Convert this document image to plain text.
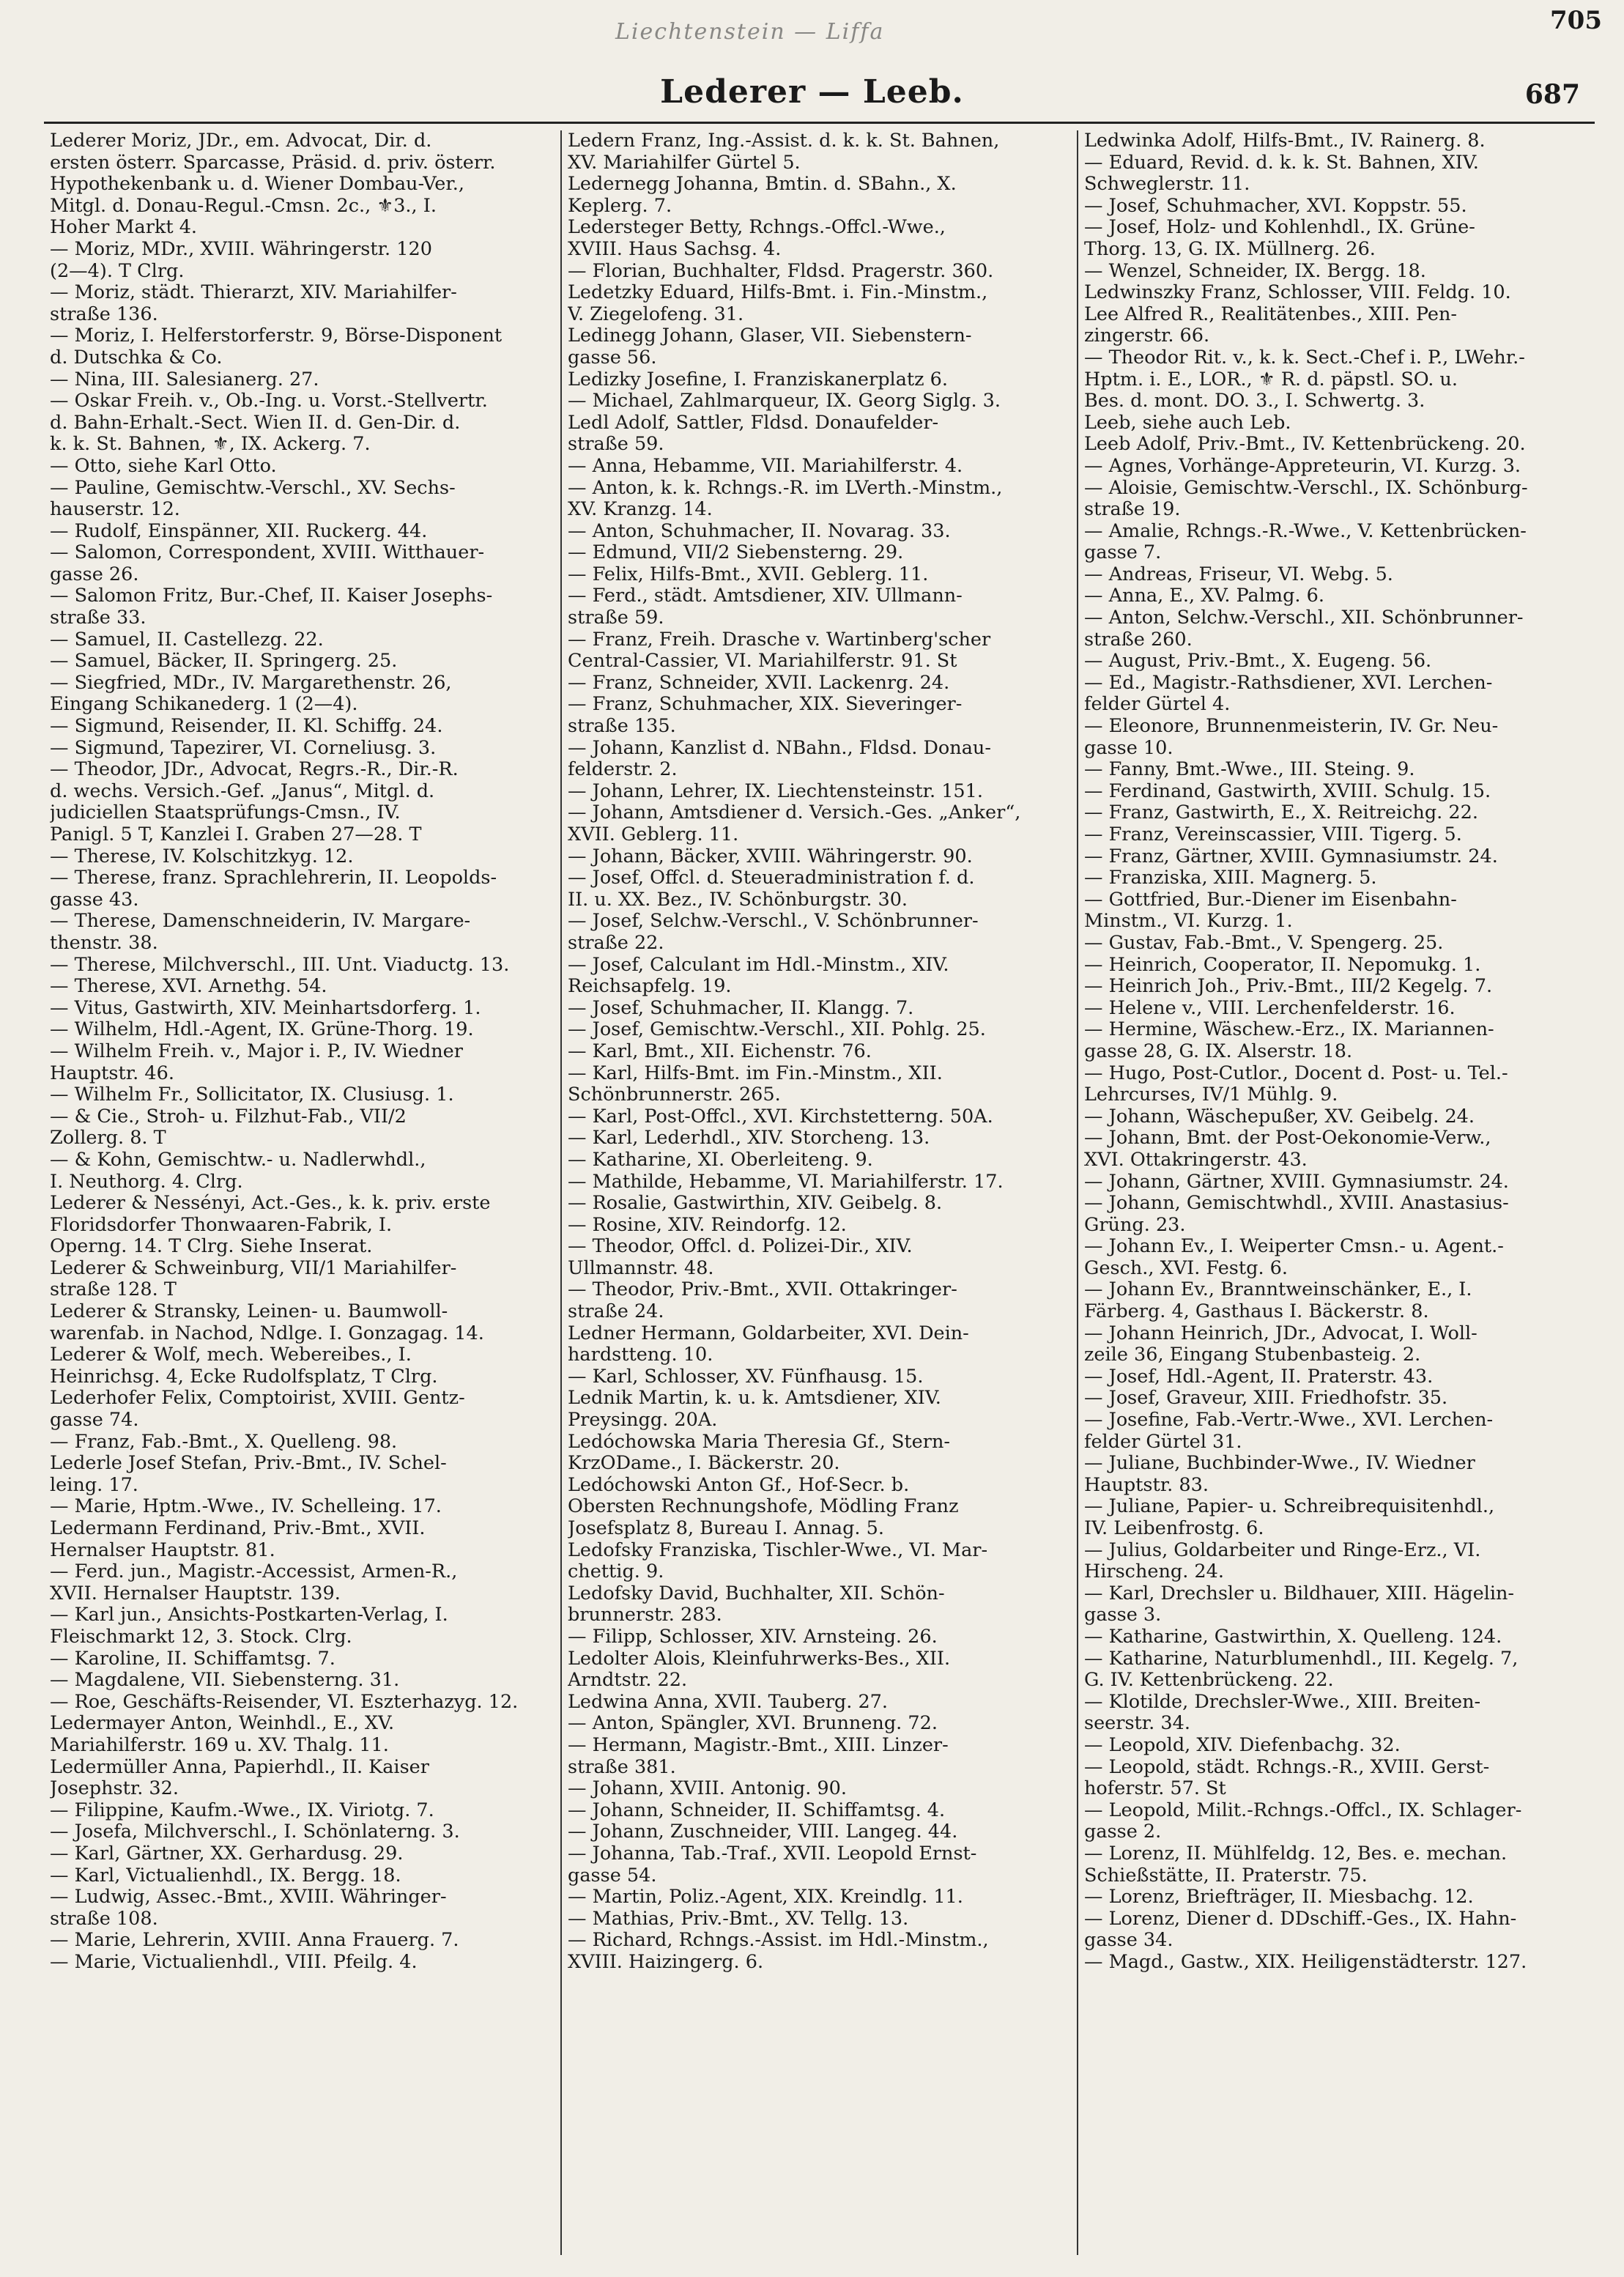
Liechtenstein — Liffa	705
Lederer — Leeb.	687
Lederer Moriz, JDr., em. Advocat, Dir. d.
ersten österr. Sparcasse, Präsid. d. priv. österr.
Hypothekenbank u. d. Wiener Dombau-Ver.,
Mitgl. d. Donau-Regul.-Cmsn. 2c., ⚜3., I.
Hoher Markt 4.
— Moriz, MDr., XVIII. Währingerstr. 120
(2—4). T Clrg.
— Moriz, städt. Thierarzt, XIV. Mariahilfer-
straße 136.
— Moriz, I. Helferstorferstr. 9, Börse-Disponent
d. Dutschka & Co.
— Nina, III. Salesianerg. 27.
— Oskar Freih. v., Ob.-Ing. u. Vorst.-Stellvertr.
d. Bahn-Erhalt.-Sect. Wien II. d. Gen-Dir. d.
k. k. St. Bahnen, ⚜, IX. Ackerg. 7.
— Otto, siehe Karl Otto.
— Pauline, Gemischtw.-Verschl., XV. Sechs-
hauserstr. 12.
— Rudolf, Einspänner, XII. Ruckerg. 44.
— Salomon, Correspondent, XVIII. Witthauer-
gasse 26.
— Salomon Fritz, Bur.-Chef, II. Kaiser Josephs-
straße 33.
— Samuel, II. Castellezg. 22.
— Samuel, Bäcker, II. Springerg. 25.
— Siegfried, MDr., IV. Margarethenstr. 26,
Eingang Schikanederg. 1 (2—4).
— Sigmund, Reisender, II. Kl. Schiffg. 24.
— Sigmund, Tapezirer, VI. Corneliusg. 3.
— Theodor, JDr., Advocat, Regrs.-R., Dir.-R.
d. wechs. Versich.-Gef. „Janus“, Mitgl. d.
judiciellen Staatsprüfungs-Cmsn., IV.
Panigl. 5 T, Kanzlei I. Graben 27—28. T
— Therese, IV. Kolschitzkyg. 12.
— Therese, franz. Sprachlehrerin, II. Leopolds-
gasse 43.
— Therese, Damenschneiderin, IV. Margare-
thenstr. 38.
— Therese, Milchverschl., III. Unt. Viaductg. 13.
— Therese, XVI. Arnethg. 54.
— Vitus, Gastwirth, XIV. Meinhartsdorferg. 1.
— Wilhelm, Hdl.-Agent, IX. Grüne-Thorg. 19.
— Wilhelm Freih. v., Major i. P., IV. Wiedner
Hauptstr. 46.
— Wilhelm Fr., Sollicitator, IX. Clusiusg. 1.
— & Cie., Stroh- u. Filzhut-Fab., VII/2
Zollerg. 8. T
— & Kohn, Gemischtw.- u. Nadlerwhdl.,
I. Neuthorg. 4. Clrg.
Lederer & Nessényi, Act.-Ges., k. k. priv. erste
Floridsdorfer Thonwaaren-Fabrik, I.
Operng. 14. T Clrg. Siehe Inserat.
Lederer & Schweinburg, VII/1 Mariahilfer-
straße 128. T
Lederer & Stransky, Leinen- u. Baumwoll-
warenfab. in Nachod, Ndlge. I. Gonzagag. 14.
Lederer & Wolf, mech. Webereibes., I.
Heinrichsg. 4, Ecke Rudolfsplatz, T Clrg.
Lederhofer Felix, Comptoirist, XVIII. Gentz-
gasse 74.
— Franz, Fab.-Bmt., X. Quelleng. 98.
Lederle Josef Stefan, Priv.-Bmt., IV. Schel-
leing. 17.
— Marie, Hptm.-Wwe., IV. Schelleing. 17.
Ledermann Ferdinand, Priv.-Bmt., XVII.
Hernalser Hauptstr. 81.
— Ferd. jun., Magistr.-Accessist, Armen-R.,
XVII. Hernalser Hauptstr. 139.
— Karl jun., Ansichts-Postkarten-Verlag, I.
Fleischmarkt 12, 3. Stock. Clrg.
— Karoline, II. Schiffamtsg. 7.
— Magdalene, VII. Siebensterng. 31.
— Roe, Geschäfts-Reisender, VI. Eszterhazyg. 12.
Ledermayer Anton, Weinhdl., E., XV.
Mariahilferstr. 169 u. XV. Thalg. 11.
Ledermüller Anna, Papierhdl., II. Kaiser
Josephstr. 32.
— Filippine, Kaufm.-Wwe., IX. Viriotg. 7.
— Josefa, Milchverschl., I. Schönlaterng. 3.
— Karl, Gärtner, XX. Gerhardusg. 29.
— Karl, Victualienhdl., IX. Bergg. 18.
— Ludwig, Assec.-Bmt., XVIII. Währinger-
straße 108.
— Marie, Lehrerin, XVIII. Anna Frauerg. 7.
— Marie, Victualienhdl., VIII. Pfeilg. 4.
Ledern Franz, Ing.-Assist. d. k. k. St. Bahnen,
XV. Mariahilfer Gürtel 5.
Ledernegg Johanna, Bmtin. d. SBahn., X.
Keplerg. 7.
Ledersteger Betty, Rchngs.-Offcl.-Wwe.,
XVIII. Haus Sachsg. 4.
— Florian, Buchhalter, Fldsd. Pragerstr. 360.
Ledetzky Eduard, Hilfs-Bmt. i. Fin.-Minstm.,
V. Ziegelofeng. 31.
Ledinegg Johann, Glaser, VII. Siebenstern-
gasse 56.
Ledizky Josefine, I. Franziskanerplatz 6.
— Michael, Zahlmarqueur, IX. Georg Siglg. 3.
Ledl Adolf, Sattler, Fldsd. Donaufelder-
straße 59.
— Anna, Hebamme, VII. Mariahilferstr. 4.
— Anton, k. k. Rchngs.-R. im LVerth.-Minstm.,
XV. Kranzg. 14.
— Anton, Schuhmacher, II. Novarag. 33.
— Edmund, VII/2 Siebensterng. 29.
— Felix, Hilfs-Bmt., XVII. Geblerg. 11.
— Ferd., städt. Amtsdiener, XIV. Ullmann-
straße 59.
— Franz, Freih. Drasche v. Wartinberg'scher
Central-Cassier, VI. Mariahilferstr. 91. St
— Franz, Schneider, XVII. Lackenrg. 24.
— Franz, Schuhmacher, XIX. Sieveringer-
straße 135.
— Johann, Kanzlist d. NBahn., Fldsd. Donau-
felderstr. 2.
— Johann, Lehrer, IX. Liechtensteinstr. 151.
— Johann, Amtsdiener d. Versich.-Ges. „Anker“,
XVII. Geblerg. 11.
— Johann, Bäcker, XVIII. Währingerstr. 90.
— Josef, Offcl. d. Steueradministration f. d.
II. u. XX. Bez., IV. Schönburgstr. 30.
— Josef, Selchw.-Verschl., V. Schönbrunner-
straße 22.
— Josef, Calculant im Hdl.-Minstm., XIV.
Reichsapfelg. 19.
— Josef, Schuhmacher, II. Klangg. 7.
— Josef, Gemischtw.-Verschl., XII. Pohlg. 25.
— Karl, Bmt., XII. Eichenstr. 76.
— Karl, Hilfs-Bmt. im Fin.-Minstm., XII.
Schönbrunnerstr. 265.
— Karl, Post-Offcl., XVI. Kirchstetterng. 50A.
— Karl, Lederhdl., XIV. Storcheng. 13.
— Katharine, XI. Oberleiteng. 9.
— Mathilde, Hebamme, VI. Mariahilferstr. 17.
— Rosalie, Gastwirthin, XIV. Geibelg. 8.
— Rosine, XIV. Reindorfg. 12.
— Theodor, Offcl. d. Polizei-Dir., XIV.
Ullmannstr. 48.
— Theodor, Priv.-Bmt., XVII. Ottakringer-
straße 24.
Ledner Hermann, Goldarbeiter, XVI. Dein-
hardstteng. 10.
— Karl, Schlosser, XV. Fünfhausg. 15.
Lednik Martin, k. u. k. Amtsdiener, XIV.
Preysingg. 20A.
Ledóchowska Maria Theresia Gf., Stern-
KrzODame., I. Bäckerstr. 20.
Ledóchowski Anton Gf., Hof-Secr. b.
Obersten Rechnungshofe, Mödling Franz
Josefsplatz 8, Bureau I. Annag. 5.
Ledofsky Franziska, Tischler-Wwe., VI. Mar-
chettig. 9.
Ledofsky David, Buchhalter, XII. Schön-
brunnerstr. 283.
— Filipp, Schlosser, XIV. Arnsteing. 26.
Ledolter Alois, Kleinfuhrwerks-Bes., XII.
Arndtstr. 22.
Ledwina Anna, XVII. Tauberg. 27.
— Anton, Spängler, XVI. Brunneng. 72.
— Hermann, Magistr.-Bmt., XIII. Linzer-
straße 381.
— Johann, XVIII. Antonig. 90.
— Johann, Schneider, II. Schiffamtsg. 4.
— Johann, Zuschneider, VIII. Langeg. 44.
— Johanna, Tab.-Traf., XVII. Leopold Ernst-
gasse 54.
— Martin, Poliz.-Agent, XIX. Kreindlg. 11.
— Mathias, Priv.-Bmt., XV. Tellg. 13.
— Richard, Rchngs.-Assist. im Hdl.-Minstm.,
XVIII. Haizingerg. 6.
Ledwinka Adolf, Hilfs-Bmt., IV. Rainerg. 8.
— Eduard, Revid. d. k. k. St. Bahnen, XIV.
Schweglerstr. 11.
— Josef, Schuhmacher, XVI. Koppstr. 55.
— Josef, Holz- und Kohlenhdl., IX. Grüne-
Thorg. 13, G. IX. Müllnerg. 26.
— Wenzel, Schneider, IX. Bergg. 18.
Ledwinszky Franz, Schlosser, VIII. Feldg. 10.
Lee Alfred R., Realitätenbes., XIII. Pen-
zingerstr. 66.
— Theodor Rit. v., k. k. Sect.-Chef i. P., LWehr.-
Hptm. i. E., LOR., ⚜ R. d. päpstl. SO. u.
Bes. d. mont. DO. 3., I. Schwertg. 3.
Leeb, siehe auch Leb.
Leeb Adolf, Priv.-Bmt., IV. Kettenbrückeng. 20.
— Agnes, Vorhänge-Appreteurin, VI. Kurzg. 3.
— Aloisie, Gemischtw.-Verschl., IX. Schönburg-
straße 19.
— Amalie, Rchngs.-R.-Wwe., V. Kettenbrücken-
gasse 7.
— Andreas, Friseur, VI. Webg. 5.
— Anna, E., XV. Palmg. 6.
— Anton, Selchw.-Verschl., XII. Schönbrunner-
straße 260.
— August, Priv.-Bmt., X. Eugeng. 56.
— Ed., Magistr.-Rathsdiener, XVI. Lerchen-
felder Gürtel 4.
— Eleonore, Brunnenmeisterin, IV. Gr. Neu-
gasse 10.
— Fanny, Bmt.-Wwe., III. Steing. 9.
— Ferdinand, Gastwirth, XVIII. Schulg. 15.
— Franz, Gastwirth, E., X. Reitreichg. 22.
— Franz, Vereinscassier, VIII. Tigerg. 5.
— Franz, Gärtner, XVIII. Gymnasiumstr. 24.
— Franziska, XIII. Magnerg. 5.
— Gottfried, Bur.-Diener im Eisenbahn-
Minstm., VI. Kurzg. 1.
— Gustav, Fab.-Bmt., V. Spengerg. 25.
— Heinrich, Cooperator, II. Nepomukg. 1.
— Heinrich Joh., Priv.-Bmt., III/2 Kegelg. 7.
— Helene v., VIII. Lerchenfelderstr. 16.
— Hermine, Wäschew.-Erz., IX. Mariannen-
gasse 28, G. IX. Alserstr. 18.
— Hugo, Post-Cutlor., Docent d. Post- u. Tel.-
Lehrcurses, IV/1 Mühlg. 9.
— Johann, Wäschepußer, XV. Geibelg. 24.
— Johann, Bmt. der Post-Oekonomie-Verw.,
XVI. Ottakringerstr. 43.
— Johann, Gärtner, XVIII. Gymnasiumstr. 24.
— Johann, Gemischtwhdl., XVIII. Anastasius-
Grüng. 23.
— Johann Ev., I. Weiperter Cmsn.- u. Agent.-
Gesch., XVI. Festg. 6.
— Johann Ev., Branntweinschänker, E., I.
Färberg. 4, Gasthaus I. Bäckerstr. 8.
— Johann Heinrich, JDr., Advocat, I. Woll-
zeile 36, Eingang Stubenbasteig. 2.
— Josef, Hdl.-Agent, II. Praterstr. 43.
— Josef, Graveur, XIII. Friedhofstr. 35.
— Josefine, Fab.-Vertr.-Wwe., XVI. Lerchen-
felder Gürtel 31.
— Juliane, Buchbinder-Wwe., IV. Wiedner
Hauptstr. 83.
— Juliane, Papier- u. Schreibrequisitenhdl.,
IV. Leibenfrostg. 6.
— Julius, Goldarbeiter und Ringe-Erz., VI.
Hirscheng. 24.
— Karl, Drechsler u. Bildhauer, XIII. Hägelin-
gasse 3.
— Katharine, Gastwirthin, X. Quelleng. 124.
— Katharine, Naturblumenhdl., III. Kegelg. 7,
G. IV. Kettenbrückeng. 22.
— Klotilde, Drechsler-Wwe., XIII. Breiten-
seerstr. 34.
— Leopold, XIV. Diefenbachg. 32.
— Leopold, städt. Rchngs.-R., XVIII. Gerst-
hoferstr. 57. St
— Leopold, Milit.-Rchngs.-Offcl., IX. Schlager-
gasse 2.
— Lorenz, II. Mühlfeldg. 12, Bes. e. mechan.
Schießstätte, II. Praterstr. 75.
— Lorenz, Briefträger, II. Miesbachg. 12.
— Lorenz, Diener d. DDschiff.-Ges., IX. Hahn-
gasse 34.
— Magd., Gastw., XIX. Heiligenstädterstr. 127.
